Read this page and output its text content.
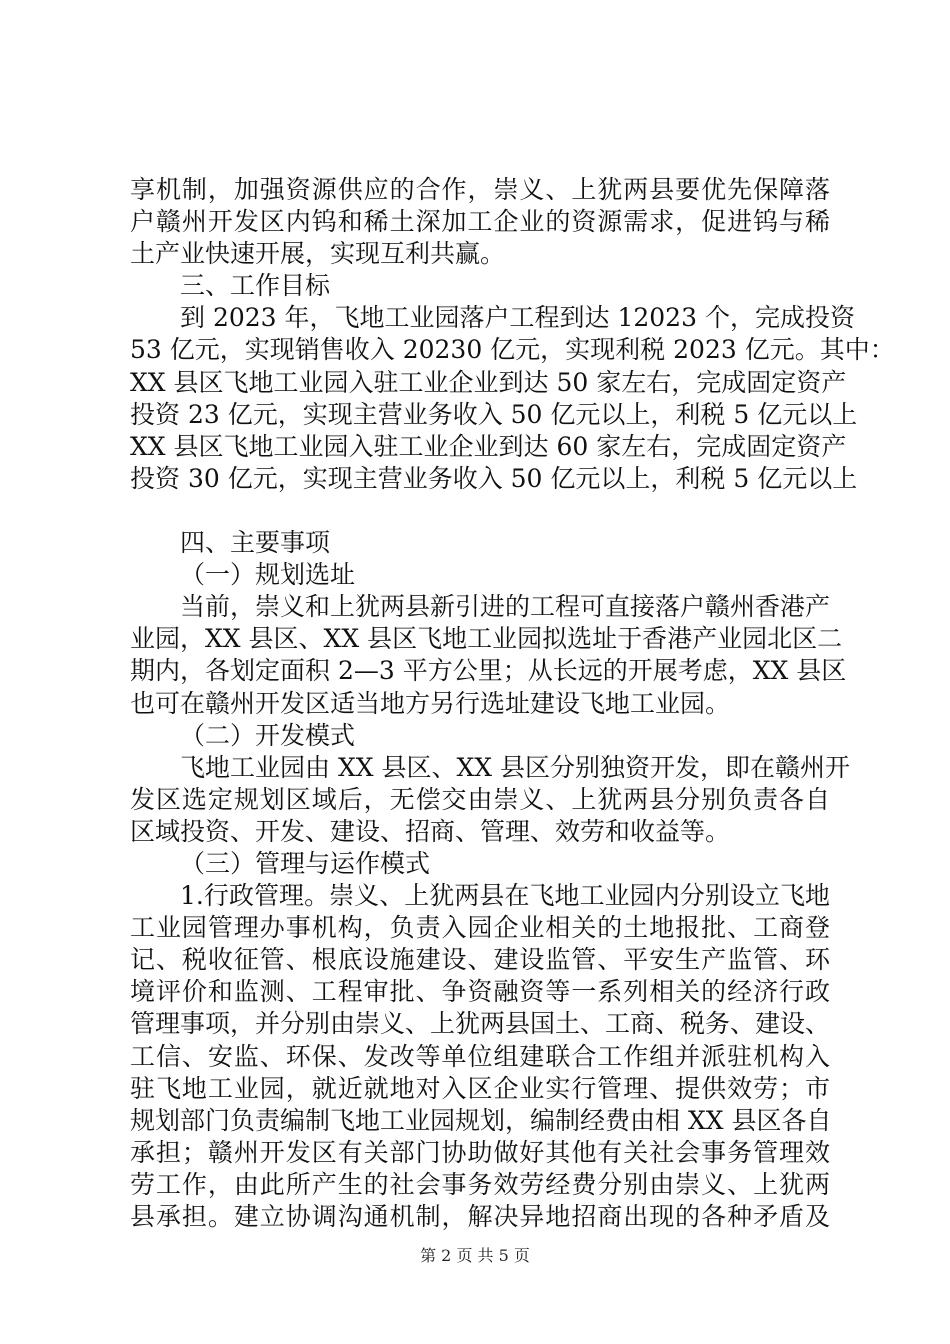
享机制，加强资源供应的合作，崇义、上犹两县要优先保障落
户赣州开发区内钨和稀土深加工企业的资源需求，促进钨与稀
土产业快速开展，实现互利共赢。
三、工作目标
到 2023 年，飞地工业园落户工程到达 12023 个，完成投资
53 亿元，实现销售收入 20230 亿元，实现利税 2023 亿元。其中：
XX 县区飞地工业园入驻工业企业到达 50 家左右，完成固定资产
投资 23 亿元，实现主营业务收入 50 亿元以上，利税 5 亿元以上
XX 县区飞地工业园入驻工业企业到达 60 家左右，完成固定资产
投资 30 亿元，实现主营业务收入 50 亿元以上，利税 5 亿元以上
四、主要事项
（一）规划选址
当前，崇义和上犹两县新引进的工程可直接落户赣州香港产
业园，XX 县区、XX 县区飞地工业园拟选址于香港产业园北区二
期内，各划定面积 2—3 平方公里；从长远的开展考虑，XX 县区
也可在赣州开发区适当地方另行选址建设飞地工业园。
（二）开发模式
飞地工业园由 XX 县区、XX 县区分别独资开发，即在赣州开
发区选定规划区域后，无偿交由崇义、上犹两县分别负责各自
区域投资、开发、建设、招商、管理、效劳和收益等。
（三）管理与运作模式
1.行政管理。崇义、上犹两县在飞地工业园内分别设立飞地
工业园管理办事机构，负责入园企业相关的土地报批、工商登
记、税收征管、根底设施建设、建设监管、平安生产监管、环
境评价和监测、工程审批、争资融资等一系列相关的经济行政
管理事项，并分别由崇义、上犹两县国土、工商、税务、建设、
工信、安监、环保、发改等单位组建联合工作组并派驻机构入
驻飞地工业园，就近就地对入区企业实行管理、提供效劳；市
规划部门负责编制飞地工业园规划，编制经费由相 XX 县区各自
承担；赣州开发区有关部门协助做好其他有关社会事务管理效
劳工作，由此所产生的社会事务效劳经费分别由崇义、上犹两
县承担。建立协调沟通机制，解决异地招商出现的各种矛盾及
第 2 页 共 5 页
